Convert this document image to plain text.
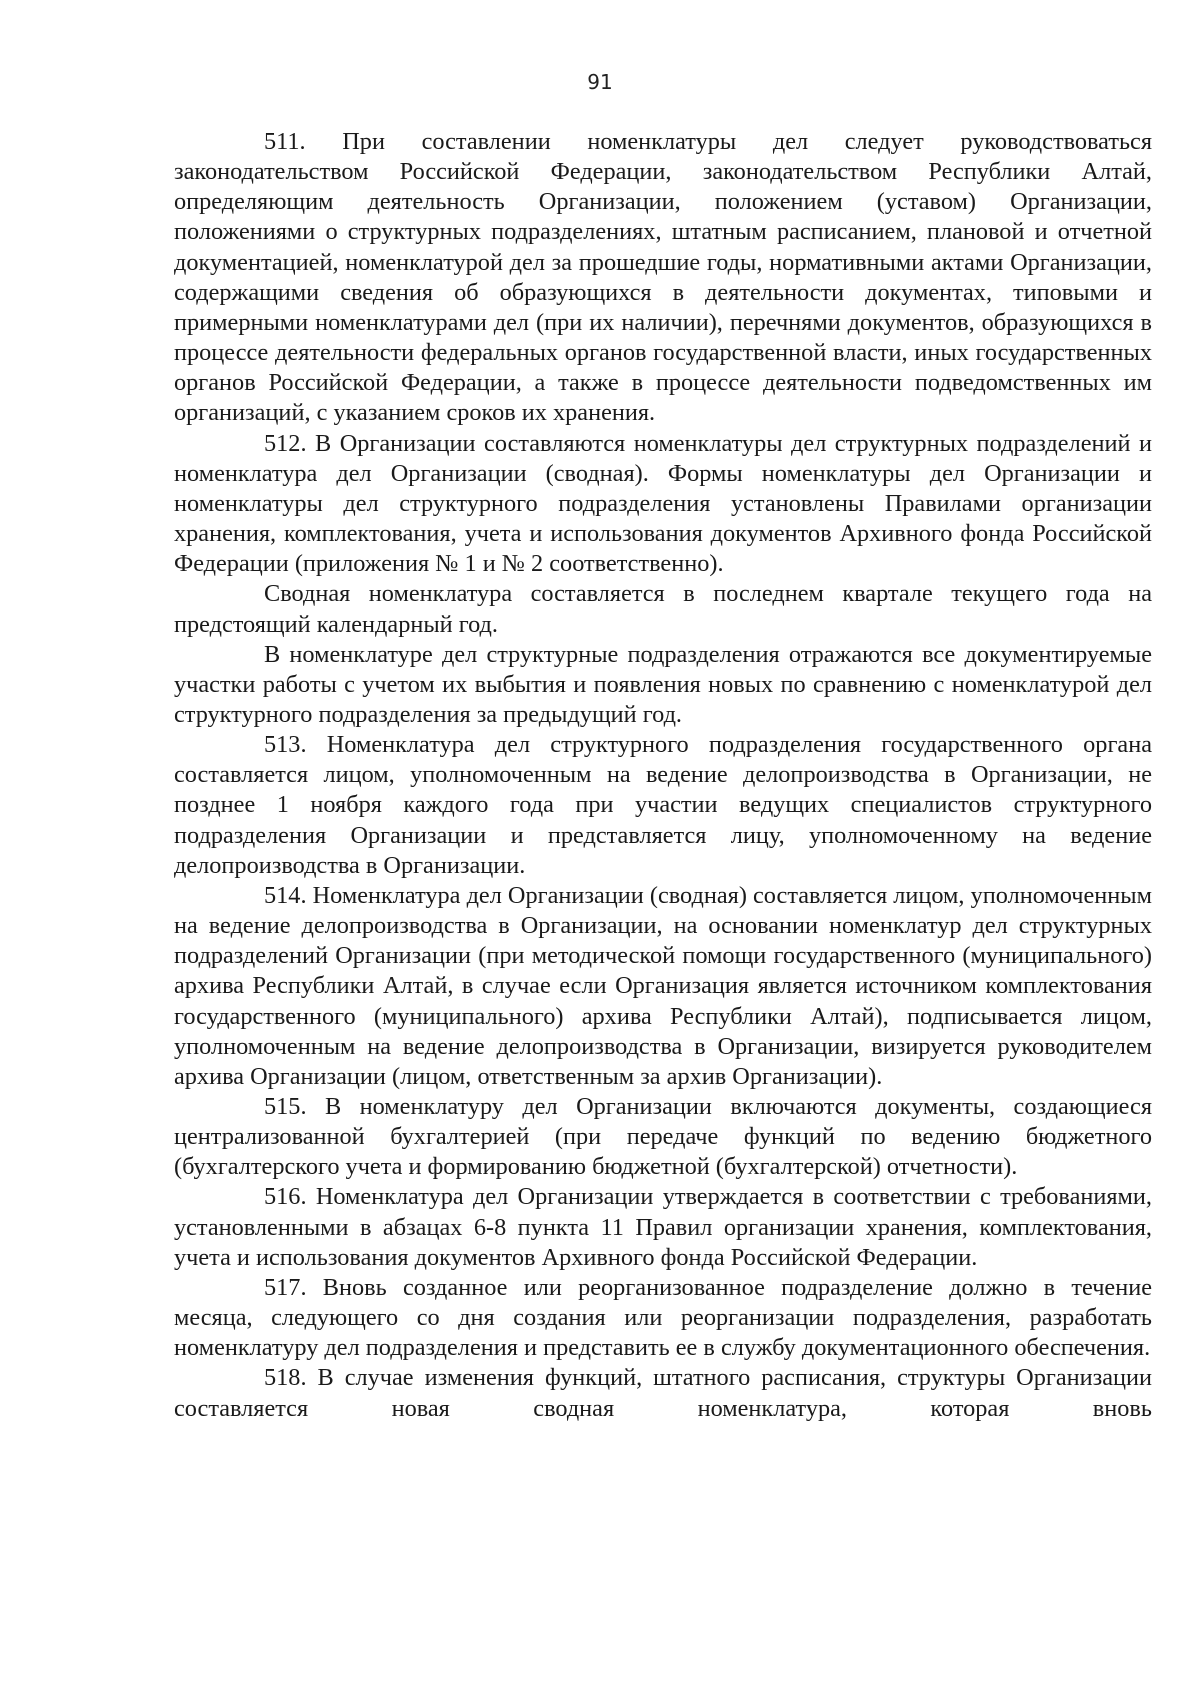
91

511. При составлении номенклатуры дел следует руководствоваться законодательством Российской Федерации, законодательством Республики Алтай, определяющим деятельность Организации, положением (уставом) Организации, положениями о структурных подразделениях, штатным расписанием, плановой и отчетной документацией, номенклатурой дел за прошедшие годы, нормативными актами Организации, содержащими сведения об образующихся в деятельности документах, типовыми и примерными номенклатурами дел (при их наличии), перечнями документов, образующихся в процессе деятельности федеральных органов государственной власти, иных государственных органов Российской Федерации, а также в процессе деятельности подведомственных им организаций, с указанием сроков их хранения.

512. В Организации составляются номенклатуры дел структурных подразделений и номенклатура дел Организации (сводная). Формы номенклатуры дел Организации и номенклатуры дел структурного подразделения установлены Правилами организации хранения, комплектования, учета и использования документов Архивного фонда Российской Федерации (приложения № 1 и № 2 соответственно).

Сводная номенклатура составляется в последнем квартале текущего года на предстоящий календарный год.

В номенклатуре дел структурные подразделения отражаются все документируемые участки работы с учетом их выбытия и появления новых по сравнению с номенклатурой дел структурного подразделения за предыдущий год.

513. Номенклатура дел структурного подразделения государственного органа составляется лицом, уполномоченным на ведение делопроизводства в Организации, не позднее 1 ноября каждого года при участии ведущих специалистов структурного подразделения Организации и представляется лицу, уполномоченному на ведение делопроизводства в Организации.

514. Номенклатура дел Организации (сводная) составляется лицом, уполномоченным на ведение делопроизводства в Организации, на основании номенклатур дел структурных подразделений Организации (при методической помощи государственного (муниципального) архива Республики Алтай, в случае если Организация является источником комплектования государственного (муниципального) архива Республики Алтай), подписывается лицом, уполномоченным на ведение делопроизводства в Организации, визируется руководителем архива Организации (лицом, ответственным за архив Организации).

515. В номенклатуру дел Организации включаются документы, создающиеся централизованной бухгалтерией (при передаче функций по ведению бюджетного (бухгалтерского учета и формированию бюджетной (бухгалтерской) отчетности).

516. Номенклатура дел Организации утверждается в соответствии с требованиями, установленными в абзацах 6-8 пункта 11 Правил организации хранения, комплектования, учета и использования документов Архивного фонда Российской Федерации.

517. Вновь созданное или реорганизованное подразделение должно в течение месяца, следующего со дня создания или реорганизации подразделения, разработать номенклатуру дел подразделения и представить ее в службу документационного обеспечения.

518. В случае изменения функций, штатного расписания, структуры Организации составляется новая сводная номенклатура, которая вновь
